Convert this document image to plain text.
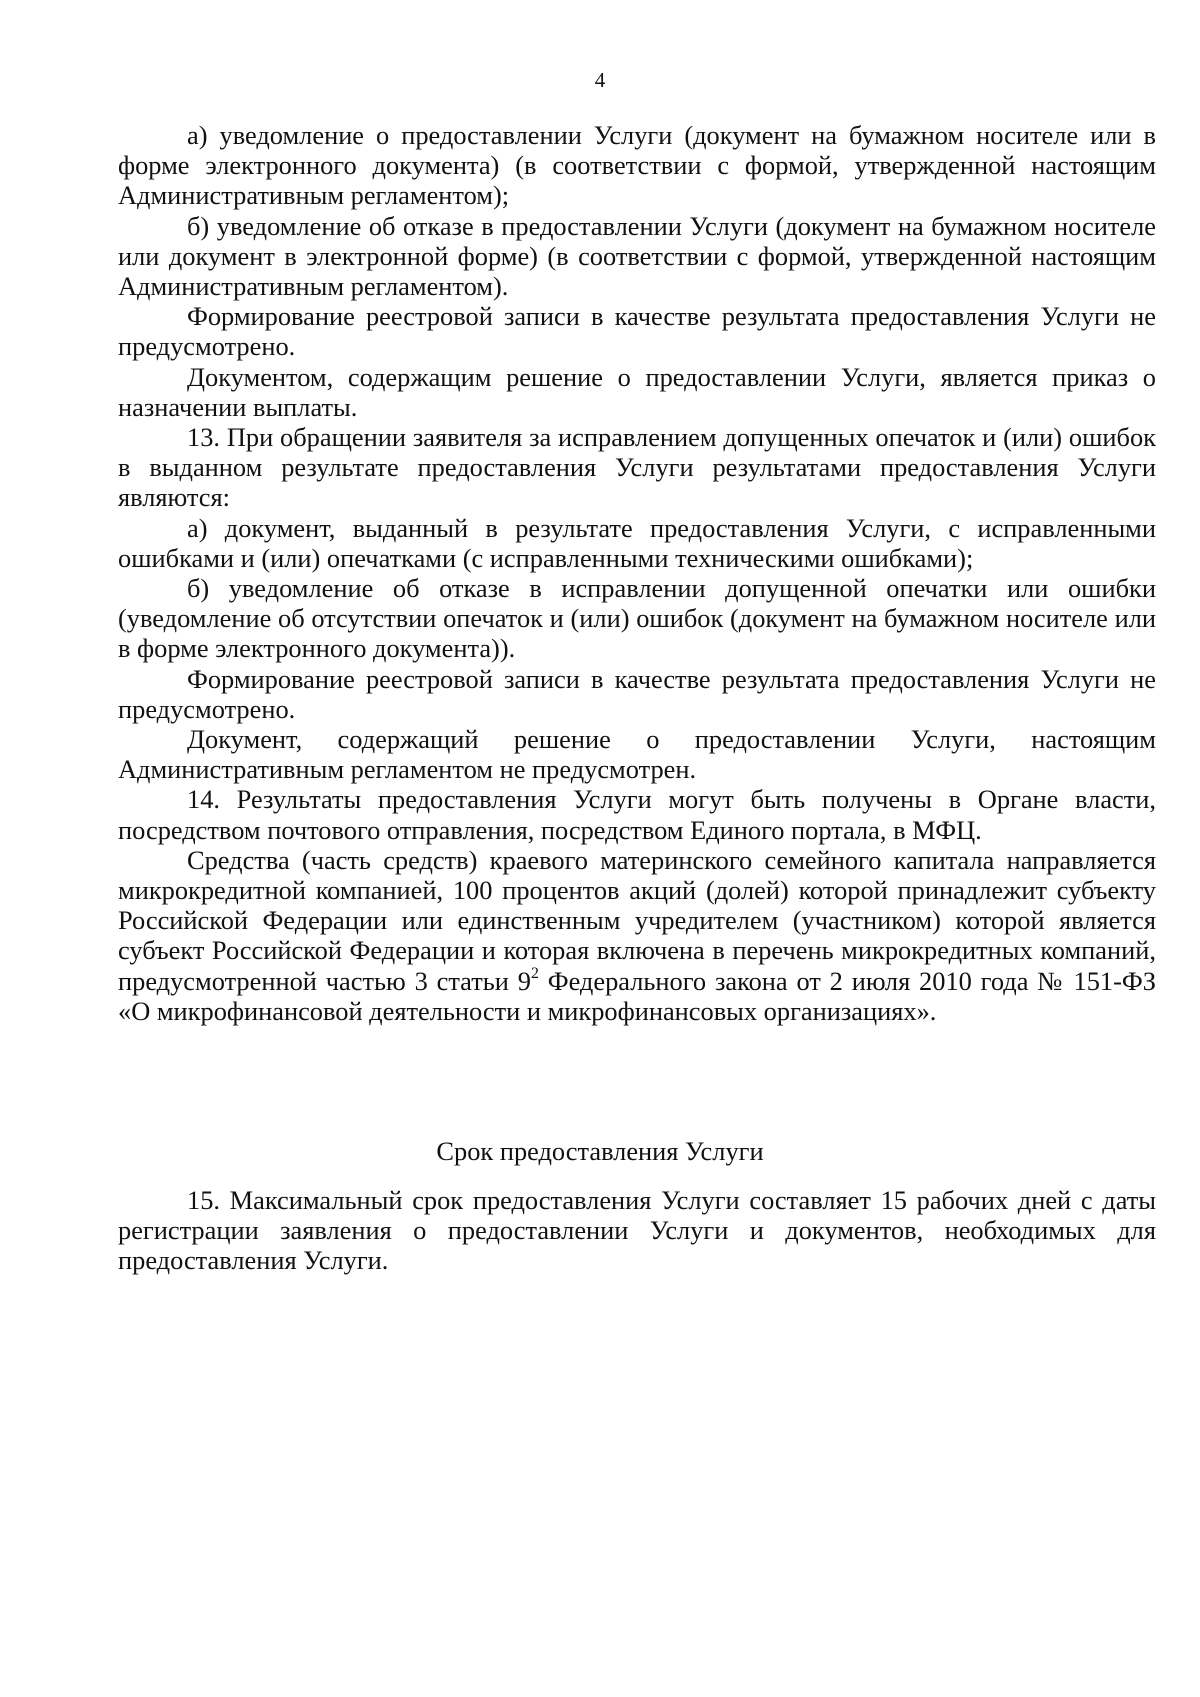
4

а) уведомление о предоставлении Услуги (документ на бумажном носителе или в форме электронного документа) (в соответствии с формой, утвержденной настоящим Административным регламентом);

б) уведомление об отказе в предоставлении Услуги (документ на бумажном носителе или документ в электронной форме) (в соответствии с формой, утвержденной настоящим Административным регламентом).

Формирование реестровой записи в качестве результата предоставления Услуги не предусмотрено.

Документом, содержащим решение о предоставлении Услуги, является приказ о назначении выплаты.

13. При обращении заявителя за исправлением допущенных опечаток и (или) ошибок в выданном результате предоставления Услуги результатами предоставления Услуги являются:

а) документ, выданный в результате предоставления Услуги, с исправленными ошибками и (или) опечатками (с исправленными техническими ошибками);

б) уведомление об отказе в исправлении допущенной опечатки или ошибки (уведомление об отсутствии опечаток и (или) ошибок (документ на бумажном носителе или в форме электронного документа)).

Формирование реестровой записи в качестве результата предоставления Услуги не предусмотрено.

Документ, содержащий решение о предоставлении Услуги, настоящим Административным регламентом не предусмотрен.

14. Результаты предоставления Услуги могут быть получены в Органе власти, посредством почтового отправления, посредством Единого портала, в МФЦ.

Средства (часть средств) краевого материнского семейного капитала направляется микрокредитной компанией, 100 процентов акций (долей) которой принадлежит субъекту Российской Федерации или единственным учредителем (участником) которой является субъект Российской Федерации и которая включена в перечень микрокредитных компаний, предусмотренной частью 3 статьи $9^2$ Федерального закона от 2 июля 2010 года № 151-ФЗ «О микрофинансовой деятельности и микрофинансовых организациях».

Срок предоставления Услуги

15. Максимальный срок предоставления Услуги составляет 15 рабочих дней с даты регистрации заявления о предоставлении Услуги и документов, необходимых для предоставления Услуги.
